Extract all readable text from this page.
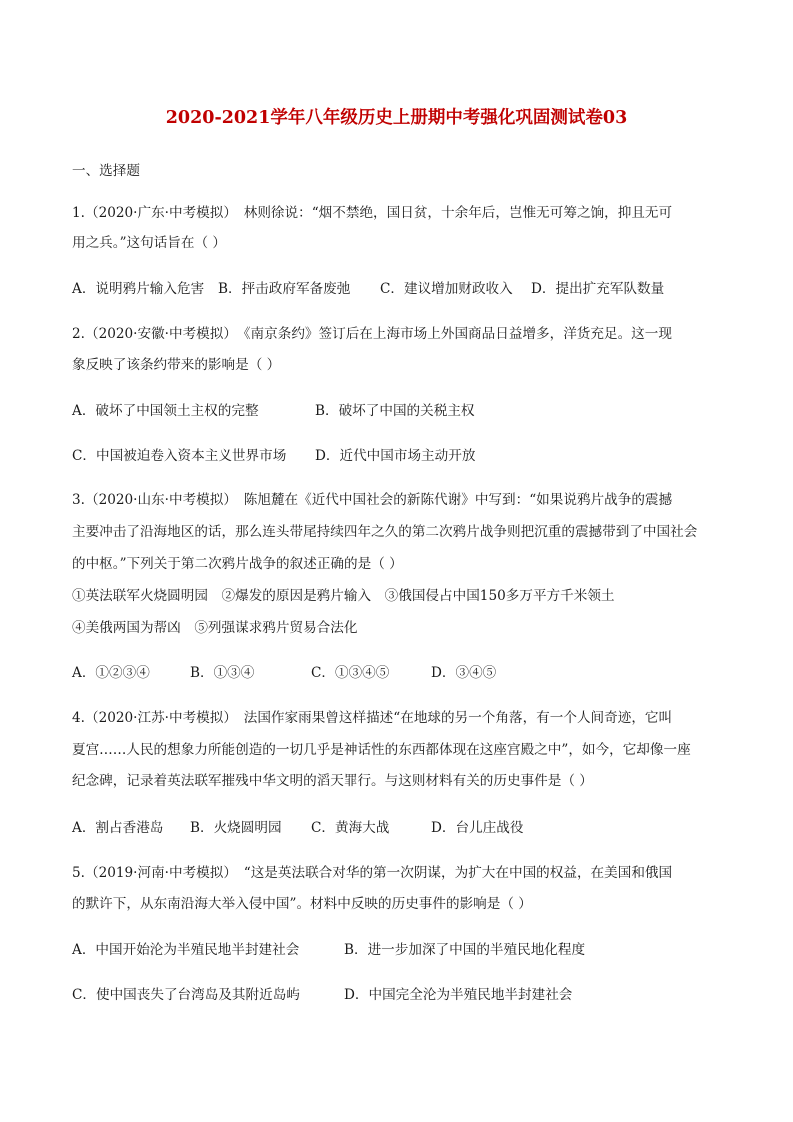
2020-2021学年八年级历史上册期中考强化巩固测试卷03
一、选择题
1.（2020·广东·中考模拟）　林则徐说：“烟不禁绝，国日贫，十余年后，岂惟无可筹之饷，抑且无可
用之兵。”这句话旨在（ ）
A．说明鸦片输入危害 B．抨击政府军备废弛 C．建议增加财政收入 D．提出扩充军队数量
2.（2020·安徽·中考模拟）　《南京条约》签订后在上海市场上外国商品日益增多，洋货充足。这一现
象反映了该条约带来的影响是（ ）
A．破坏了中国领土主权的完整	B．破坏了中国的关税主权
C．中国被迫卷入资本主义世界市场 D．近代中国市场主动开放
3.（2020·山东·中考模拟）　陈旭麓在《近代中国社会的新陈代谢》中写到：“如果说鸦片战争的震撼
主要冲击了沿海地区的话，那么连头带尾持续四年之久的第二次鸦片战争则把沉重的震撼带到了中国社会
的中枢。”下列关于第二次鸦片战争的叙述正确的是（ ）
①英法联军火烧圆明园　②爆发的原因是鸦片输入　③俄国侵占中国150多万平方千米领土
④美俄两国为帮凶　⑤列强谋求鸦片贸易合法化
A．①②③④	B．①③④	C．①③④⑤	D．③④⑤
4.（2020·江苏·中考模拟）　法国作家雨果曾这样描述“在地球的另一个角落，有一个人间奇迹，它叫
夏宫……人民的想象力所能创造的一切几乎是神话性的东西都体现在这座宫殿之中”，如今，它却像一座
纪念碑，记录着英法联军摧残中华文明的滔天罪行。与这则材料有关的历史事件是（ ）
A．割占香港岛 B．火烧圆明园 C．黄海大战	D．台儿庄战役
5.（2019·河南·中考模拟）　“这是英法联合对华的第一次阴谋，为扩大在中国的权益，在美国和俄国
的默许下，从东南沿海大举入侵中国”。材料中反映的历史事件的影响是（ ）
A．中国开始沦为半殖民地半封建社会	B．进一步加深了中国的半殖民地化程度
C．使中国丧失了台湾岛及其附近岛屿	D．中国完全沦为半殖民地半封建社会
